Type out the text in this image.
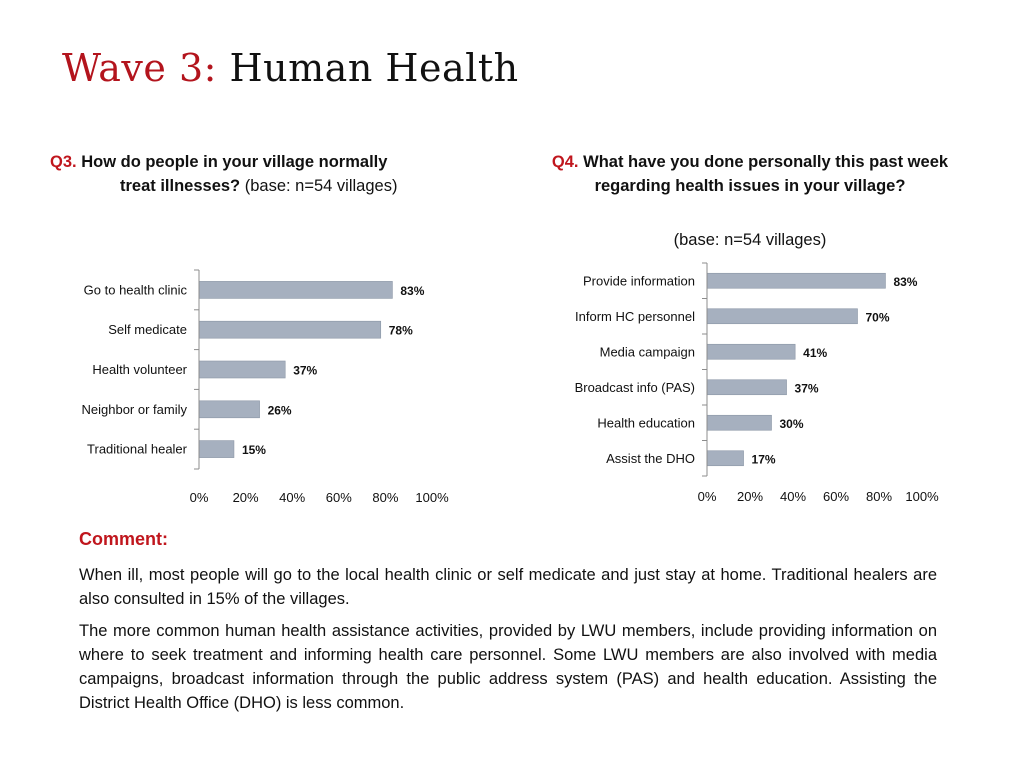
Wave 3: Human Health
Q3. How do people in your village normally
treat illnesses? (base: n=54 villages)
Q4. What have you done personally this past week regarding health issues in your village?
(base: n=54 villages)
Go to health clinic	83%
Self medicate	78%
Health volunteer	37%
Neighbor or family	26%
Traditional healer	15%
0% 20% 40% 60% 80% 100%
Provide information	83%
Inform HC personnel	70%
Media campaign	41%
Broadcast info (PAS)	37%
Health education	30%
Assist the DHO	17%
0% 20% 40% 60% 80% 100%
Comment:

When ill, most people will go to the local health clinic or self medicate and just stay at home. Traditional healers are also consulted in 15% of the villages.

The more common human health assistance activities, provided by LWU members, include providing information on where to seek treatment and informing health care personnel. Some LWU members are also involved with media campaigns, broadcast information through the public address system (PAS) and health education. Assisting the District Health Office (DHO) is less common.
